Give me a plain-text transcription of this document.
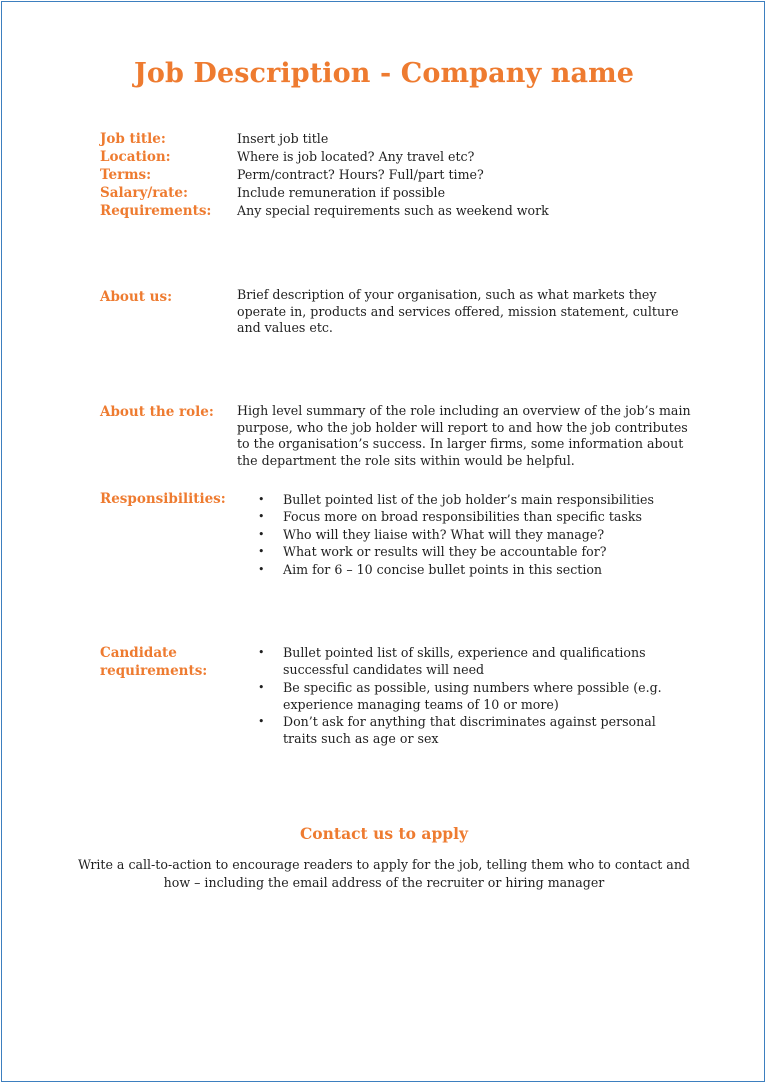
Job Description - Company name
Job title:	Insert job title
Location:	Where is job located? Any travel etc?
Terms:	Perm/contract? Hours? Full/part time?
Salary/rate:	Include remuneration if possible
Requirements: Any special requirements such as weekend work
About us:	Brief description of your organisation, such as what markets they
operate in, products and services offered, mission statement, culture
and values etc.
About the role: High level summary of the role including an overview of the job’s main
purpose, who the job holder will report to and how the job contributes
to the organisation’s success. In larger firms, some information about
the department the role sits within would be helpful.
Responsibilities:	• Bullet pointed list of the job holder’s main responsibilities
• Focus more on broad responsibilities than specific tasks
• Who will they liaise with? What will they manage?
• What work or results will they be accountable for?
• Aim for 6 – 10 concise bullet points in this section
Candidate
requirements:
• Bullet pointed list of skills, experience and qualifications
successful candidates will need
• Be specific as possible, using numbers where possible (e.g.
experience managing teams of 10 or more)
• Don’t ask for anything that discriminates against personal
traits such as age or sex
Contact us to apply
Write a call-to-action to encourage readers to apply for the job, telling them who to contact and
how – including the email address of the recruiter or hiring manager
